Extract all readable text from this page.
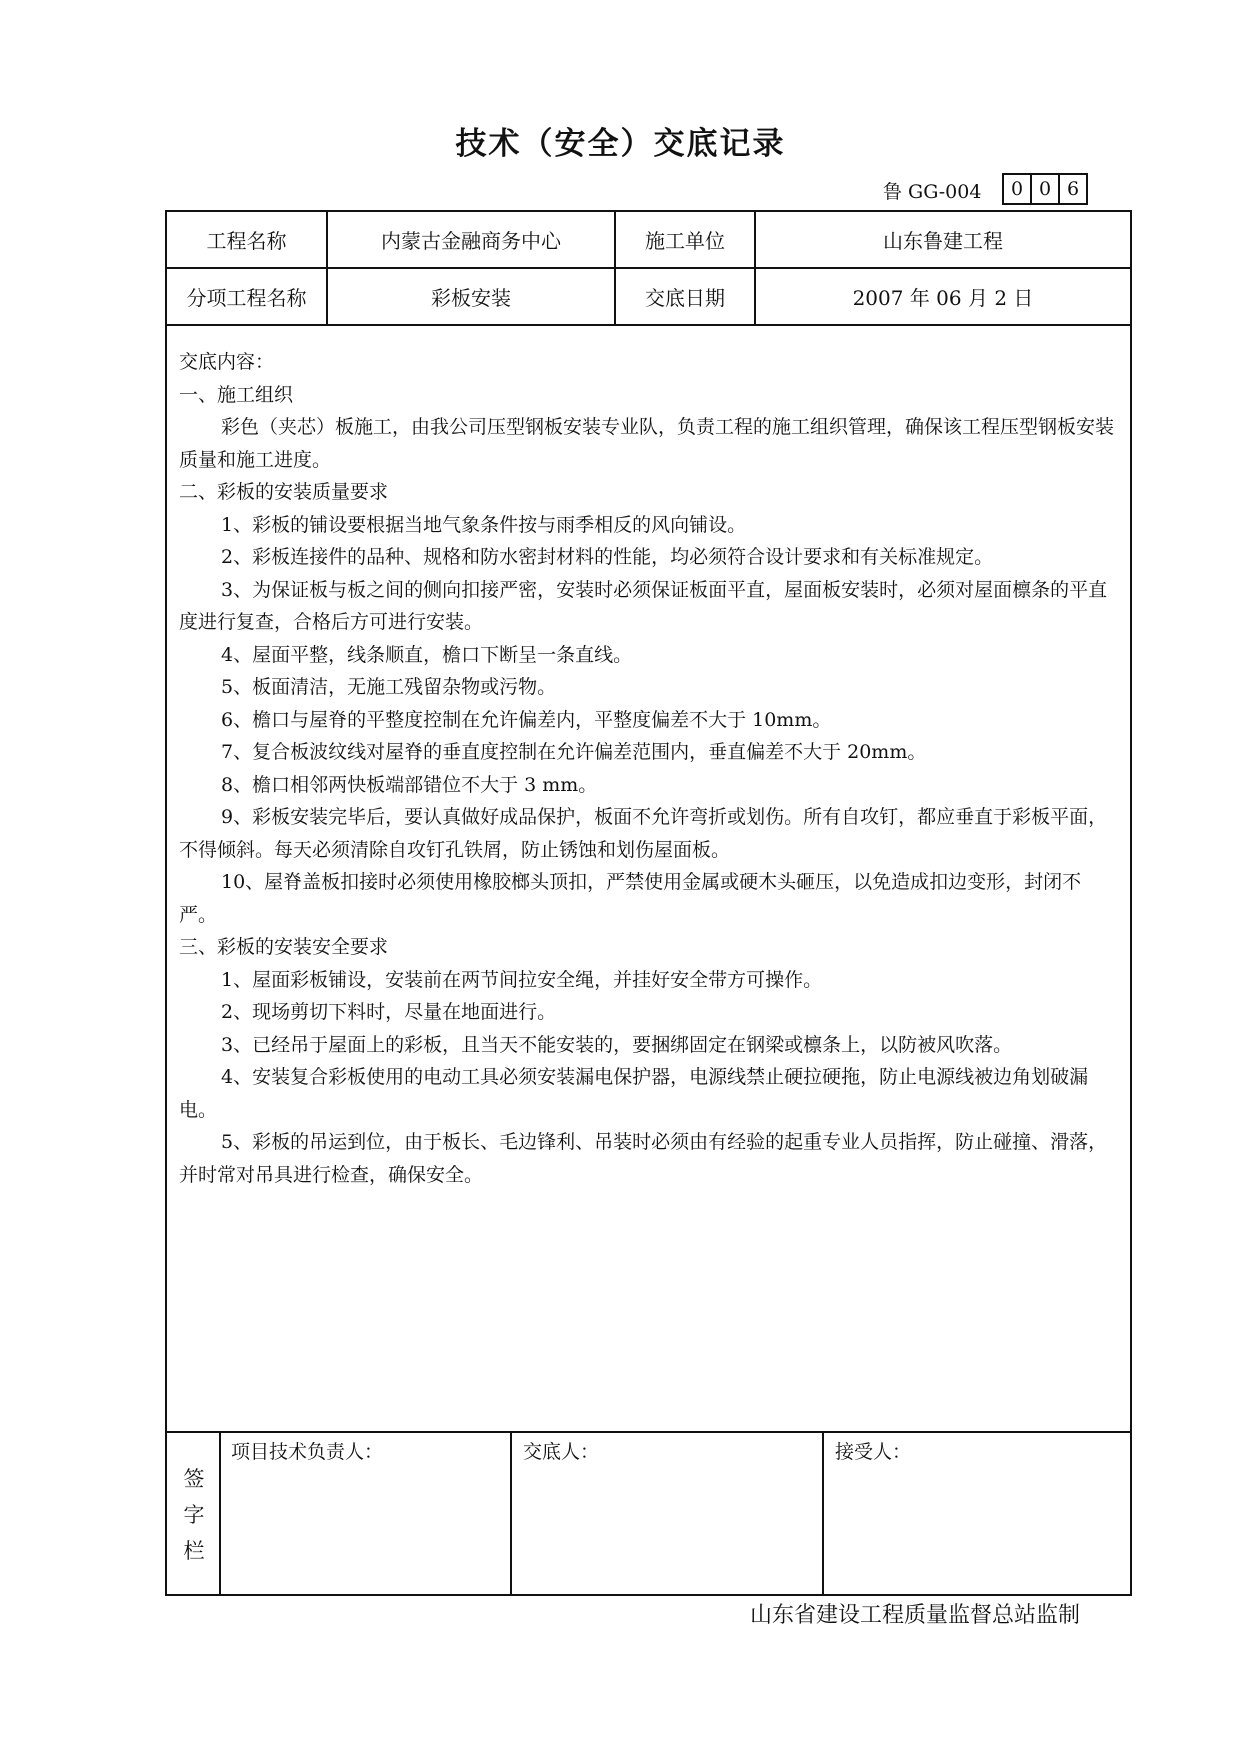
技术（安全）交底记录
鲁 GG-004	0 0 6
工程名称	内蒙古金融商务中心	施工单位	山东鲁建工程
分项工程名称	彩板安装	交底日期	2007 年 06 月 2 日

交底内容：

一、施工组织

彩色（夹芯）板施工，由我公司压型钢板安装专业队，负责工程的施工组织管理，确保该工程压型钢板安装质量和施工进度。

二、彩板的安装质量要求

1、彩板的铺设要根据当地气象条件按与雨季相反的风向铺设。

2、彩板连接件的品种、规格和防水密封材料的性能，均必须符合设计要求和有关标准规定。

3、为保证板与板之间的侧向扣接严密，安装时必须保证板面平直，屋面板安装时，必须对屋面檩条的平直度进行复查，合格后方可进行安装。

4、屋面平整，线条顺直，檐口下断呈一条直线。

5、板面清洁，无施工残留杂物或污物。

6、檐口与屋脊的平整度控制在允许偏差内，平整度偏差不大于 10mm。

7、复合板波纹线对屋脊的垂直度控制在允许偏差范围内，垂直偏差不大于 20mm。

8、檐口相邻两快板端部错位不大于 3 mm。

9、彩板安装完毕后，要认真做好成品保护，板面不允许弯折或划伤。所有自攻钉，都应垂直于彩板平面，不得倾斜。每天必须清除自攻钉孔铁屑，防止锈蚀和划伤屋面板。

10、屋脊盖板扣接时必须使用橡胶榔头顶扣，严禁使用金属或硬木头砸压，以免造成扣边变形，封闭不严。

三、彩板的安装安全要求

1、屋面彩板铺设，安装前在两节间拉安全绳，并挂好安全带方可操作。

2、现场剪切下料时，尽量在地面进行。

3、已经吊于屋面上的彩板，且当天不能安装的，要捆绑固定在钢梁或檩条上，以防被风吹落。

4、安装复合彩板使用的电动工具必须安装漏电保护器，电源线禁止硬拉硬拖，防止电源线被边角划破漏电。

5、彩板的吊运到位，由于板长、毛边锋利、吊装时必须由有经验的起重专业人员指挥，防止碰撞、滑落，并时常对吊具进行检查，确保安全。

签
字
栏
项目技术负责人：	交底人：	接受人：
山东省建设工程质量监督总站监制
